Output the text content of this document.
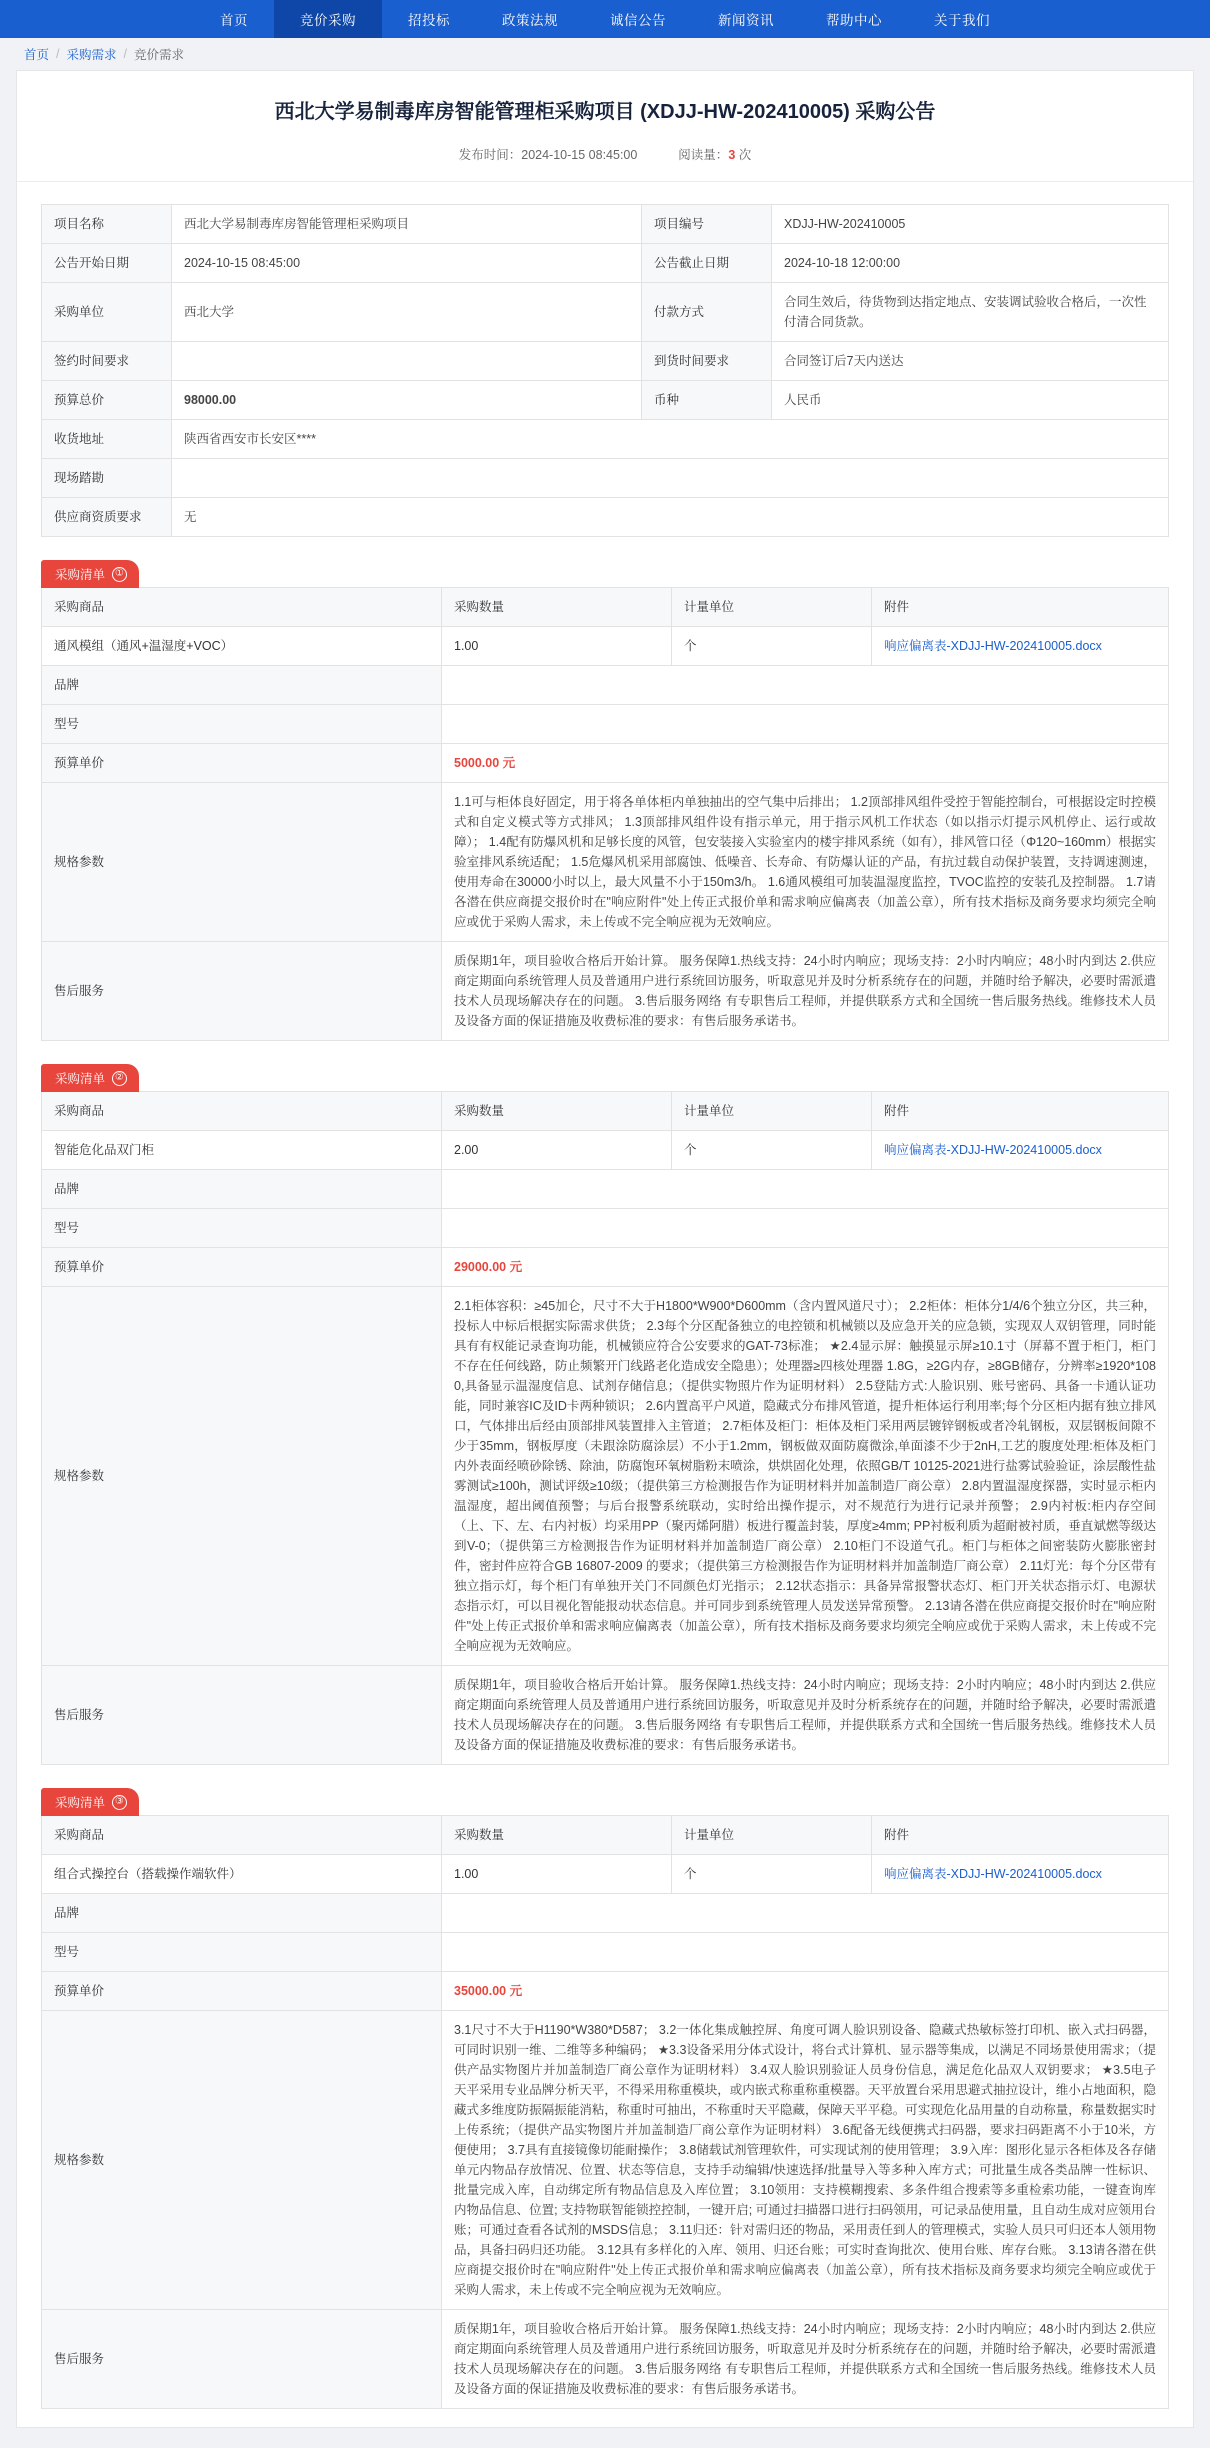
首页	竞价采购	招投标	政策法规	诚信公告	新闻资讯	帮助中心	关于我们
首页 / 采购需求 / 竞价需求
西北大学易制毒库房智能管理柜采购项目 (XDJJ-HW-202410005) 采购公告
发布时间：2024-10-15 08:45:00	阅读量：3 次
项目名称	西北大学易制毒库房智能管理柜采购项目	项目编号	XDJJ-HW-202410005
公告开始日期	2024-10-15 08:45:00	公告截止日期	2024-10-18 12:00:00
采购单位	西北大学	付款方式	合同生效后，待货物到达指定地点、安装调试验收合格后，一次性付清合同货款。
签约时间要求		到货时间要求	合同签订后7天内送达
预算总价	98000.00	币种	人民币
收货地址	陕西省西安市长安区****		
现场踏勘			
供应商资质要求	无		
采购清单	①
采购商品	采购数量	计量单位	附件
通风模组（通风+温湿度+VOC）	1.00	个	响应偏离表-XDJJ-HW-202410005.docx
品牌			
型号			
预算单价	5000.00 元		
规格参数	1.1可与柜体良好固定，用于将各单体柜内单独抽出的空气集中后排出； 1.2顶部排风组件受控于智能控制台，可根据设定时控模式和自定义模式等方式排风； 1.3顶部排风组件设有指示单元，用于指示风机工作状态（如以指示灯提示风机停止、运行或故障）； 1.4配有防爆风机和足够长度的风管，包安装接入实验室内的楼宇排风系统（如有），排风管口径（Φ120~160mm）根据实验室排风系统适配； 1.5危爆风机采用部腐蚀、低噪音、长寿命、有防爆认证的产品，有抗过载自动保护装置，支持调速测速，使用寿命在30000小时以上，最大风量不小于150m3/h。 1.6通风模组可加装温湿度监控，TVOC监控的安装孔及控制器。 1.7请各潜在供应商提交报价时在"响应附件"处上传正式报价单和需求响应偏离表（加盖公章），所有技术指标及商务要求均须完全响应或优于采购人需求，未上传或不完全响应视为无效响应。		
售后服务	质保期1年，项目验收合格后开始计算。 服务保障1.热线支持：24小时内响应；现场支持：2小时内响应；48小时内到达 2.供应商定期面向系统管理人员及普通用户进行系统回访服务，听取意见并及时分析系统存在的问题，并随时给予解决，必要时需派遣技术人员现场解决存在的问题。 3.售后服务网络 有专职售后工程师，并提供联系方式和全国统一售后服务热线。维修技术人员及设备方面的保证措施及收费标准的要求：有售后服务承诺书。		
采购清单	②
采购商品	采购数量	计量单位	附件
智能危化品双门柜	2.00	个	响应偏离表-XDJJ-HW-202410005.docx
品牌			
型号			
预算单价	29000.00 元		
规格参数	2.1柜体容积：≥45加仑，尺寸不大于H1800*W900*D600mm（含内置风道尺寸）； 2.2柜体：柜体分1/4/6个独立分区，共三种，投标人中标后根据实际需求供货； 2.3每个分区配备独立的电控锁和机械锁以及应急开关的应急锁，实现双人双钥管理，同时能具有有权能记录查询功能，机械锁应符合公安要求的GAT-73标准； ★2.4显示屏：触摸显示屏≥10.1寸（屏幕不置于柜门，柜门不存在任何线路，防止频繁开门线路老化造成安全隐患）；处理器≥四核处理器 1.8G，≥2G内存，≥8GB储存，分辨率≥1920*1080,具备显示温湿度信息、试剂存储信息；（提供实物照片作为证明材料） 2.5登陆方式:人脸识别、账号密码、具备一卡通认证功能，同时兼容IC及ID卡两种锁识； 2.6内置高平户风道，隐藏式分布排风管道，提升柜体运行利用率;每个分区柜内据有独立排风口，气体排出后经由顶部排风装置排入主管道； 2.7柜体及柜门：柜体及柜门采用两层镀锌钢板或者冷轧钢板，双层钢板间隙不少于35mm，钢板厚度（未跟涂防腐涂层）不小于1.2mm，钢板做双面防腐微涂,单面漆不少于2nH,工艺的腹度处理:柜体及柜门内外表面经喷砂除锈、除油，防腐饱环氧树脂粉末喷涂，烘烘固化处理，依照GB/T 10125-2021进行盐雾试验验证，涂层酸性盐雾测试≥100h，测试评级≥10级；（提供第三方检测报告作为证明材料并加盖制造厂商公章） 2.8内置温湿度探器，实时显示柜内温湿度，超出阈值预警；与后台报警系统联动，实时给出操作提示，对不规范行为进行记录并预警； 2.9内衬板:柜内存空间（上、下、左、右内衬板）均采用PP（聚丙烯阿腊）板进行覆盖封装，厚度≥4mm; PP衬板利质为超耐被衬质，垂直斌燃等级达到V-0；（提供第三方检测报告作为证明材料并加盖制造厂商公章） 2.10柜门不设道气孔。柜门与柜体之间密装防火膨胀密封件，密封件应符合GB 16807-2009 的要求；（提供第三方检测报告作为证明材料并加盖制造厂商公章） 2.11灯光：每个分区带有独立指示灯，每个柜门有单独开关门不同颜色灯光指示； 2.12状态指示：具备异常报警状态灯、柜门开关状态指示灯、电源状态指示灯，可以目视化智能报动状态信息。并可同步到系统管理人员发送异常预警。 2.13请各潜在供应商提交报价时在"响应附件"处上传正式报价单和需求响应偏离表（加盖公章），所有技术指标及商务要求均须完全响应或优于采购人需求，未上传或不完全响应视为无效响应。		
售后服务	质保期1年，项目验收合格后开始计算。 服务保障1.热线支持：24小时内响应；现场支持：2小时内响应；48小时内到达 2.供应商定期面向系统管理人员及普通用户进行系统回访服务，听取意见并及时分析系统存在的问题，并随时给予解决，必要时需派遣技术人员现场解决存在的问题。 3.售后服务网络 有专职售后工程师，并提供联系方式和全国统一售后服务热线。维修技术人员及设备方面的保证措施及收费标准的要求：有售后服务承诺书。		
采购清单	③
采购商品	采购数量	计量单位	附件
组合式操控台（搭载操作端软件）	1.00	个	响应偏离表-XDJJ-HW-202410005.docx
品牌			
型号			
预算单价	35000.00 元		
规格参数	3.1尺寸不大于H1190*W380*D587； 3.2一体化集成触控屏、角度可调人脸识别设备、隐藏式热敏标签打印机、嵌入式扫码器，可同时识别一维、二维等多种编码； ★3.3设备采用分体式设计，将台式计算机、显示器等集成，以满足不同场景使用需求；（提供产品实物图片并加盖制造厂商公章作为证明材料） 3.4双人脸识别验证人员身份信息，满足危化品双人双钥要求； ★3.5电子天平采用专业品牌分析天平，不得采用称重模块，或内嵌式称重称重模器。天平放置台采用思避式抽拉设计，维小占地面积，隐藏式多维度防振隔振能消粘，称重时可抽出，不称重时天平隐藏，保障天平平稳。可实现危化品用量的自动称量，称量数据实时上传系统；（提供产品实物图片并加盖制造厂商公章作为证明材料） 3.6配备无线便携式扫码器，要求扫码距离不小于10米，方便使用； 3.7具有直接镜像切能耐操作； 3.8储载试剂管理软件，可实现试剂的使用管理； 3.9入库：图形化显示各柜体及各存储单元内物品存放情况、位置、状态等信息，支持手动编辑/快速选择/批量导入等多种入库方式；可批量生成各类品牌一性标识、批量完成入库，自动绑定所有物品信息及入库位置； 3.10领用：支持模糊搜索、多条件组合搜索等多重检索功能，一键查询库内物品信息、位置; 支持物联智能锁控控制，一键开启; 可通过扫描器口进行扫码领用，可记录品使用量，且自动生成对应领用台账；可通过查看各试剂的MSDS信息； 3.11归还：针对需归还的物品，采用责任到人的管理模式，实验人员只可归还本人领用物品，具备扫码归还功能。 3.12具有多样化的入库、领用、归还台账；可实时查询批次、使用台账、库存台账。 3.13请各潜在供应商提交报价时在"响应附件"处上传正式报价单和需求响应偏离表（加盖公章），所有技术指标及商务要求均须完全响应或优于采购人需求，未上传或不完全响应视为无效响应。		
售后服务	质保期1年，项目验收合格后开始计算。 服务保障1.热线支持：24小时内响应；现场支持：2小时内响应；48小时内到达 2.供应商定期面向系统管理人员及普通用户进行系统回访服务，听取意见并及时分析系统存在的问题，并随时给予解决，必要时需派遣技术人员现场解决存在的问题。 3.售后服务网络 有专职售后工程师，并提供联系方式和全国统一售后服务热线。维修技术人员及设备方面的保证措施及收费标准的要求：有售后服务承诺书。		
